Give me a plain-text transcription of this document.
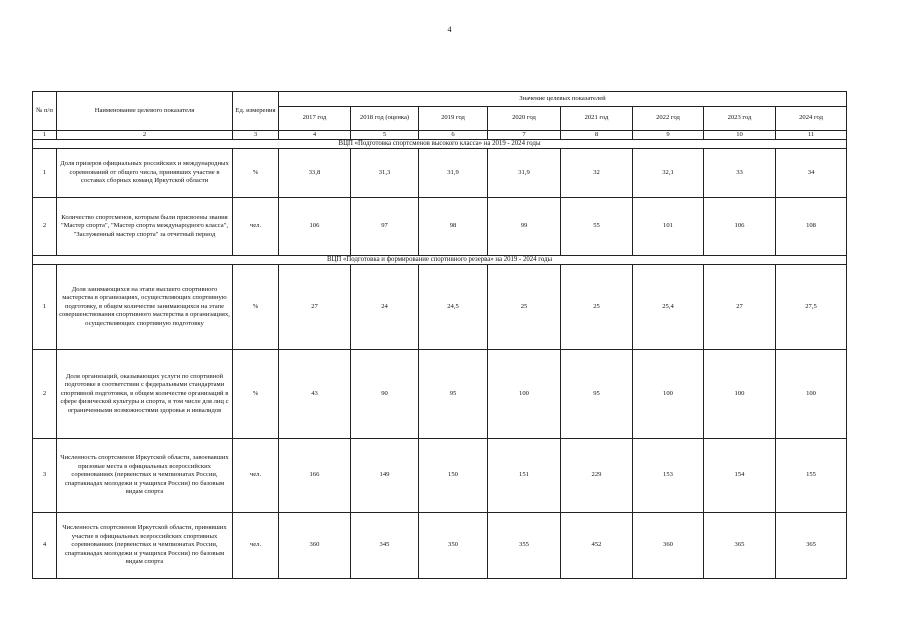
4
№ п/п	Наименование целевого показателя	Ед. измерения	Значение целевых показателей							
			2017 год	2018 год (оценка)	2019 год	2020 год	2021 год	2022 год	2023 год	2024 год
1	2	3	4	5	6	7	8	9	10	11
ВЦП «Подготовка спортсменов высокого класса» на 2019 - 2024 годы										
1	Доля призеров официальных российских и международных соревнований от общего числа, принявших участие в составах сборных команд Иркутской области	%	33,8	31,3	31,9	31,9	32	32,1	33	34
2	Количество спортсменов, которым были присвоены звания "Мастер спорта", "Мастер спорта международного класса", "Заслуженный мастер спорта" за отчетный период	чел.	106	97	98	99	55	101	106	108
ВЦП «Подготовка и формирование спортивного резерва» на 2019 - 2024 годы										
1	Доля занимающихся на этапе высшего спортивного мастерства в организациях, осуществляющих спортивную подготовку, в общем количестве занимающихся на этапе совершенствования спортивного мастерства в организациях, осуществляющих спортивную подготовку	%	27	24	24,5	25	25	25,4	27	27,5
2	Доля организаций, оказывающих услуги по спортивной подготовке в соответствии с федеральными стандартами спортивной подготовки, в общем количестве организаций в сфере физической культуры и спорта, в том числе для лиц с ограниченными возможностями здоровья и инвалидов	%	43	90	95	100	95	100	100	100
3	Численность спортсменов Иркутской области, завоевавших призовые места в официальных всероссийских соревнованиях (первенствах и чемпионатах России, спартакиадах молодежи и учащихся России) по базовым видам спорта	чел.	166	149	150	151	229	153	154	155
4	Численность спортсменов Иркутской области, принявших участие в официальных всероссийских спортивных соревнованиях (первенствах и чемпионатах России, спартакиадах молодежи и учащихся России) по базовым видам спорта	чел.	360	345	350	355	452	360	365	365
